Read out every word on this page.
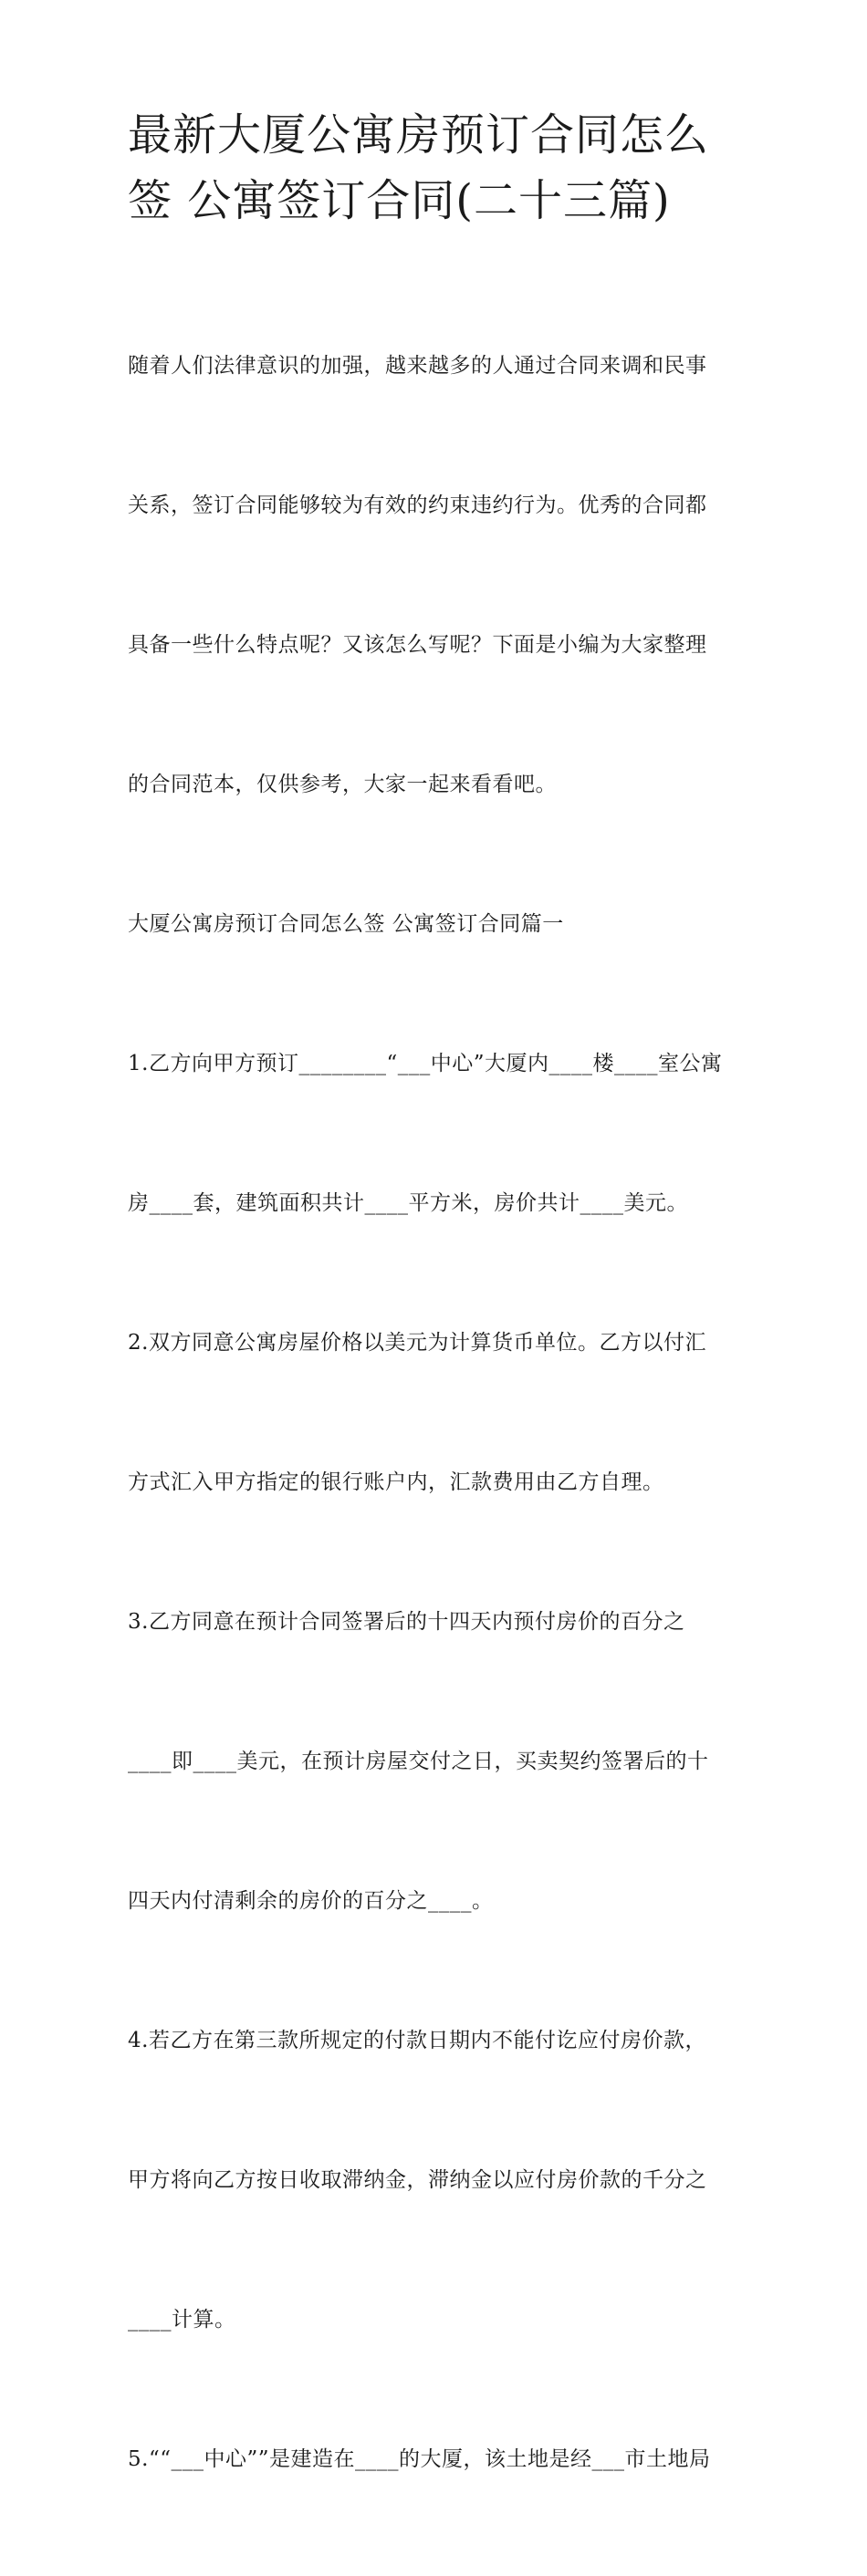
最新大厦公寓房预订合同怎么
签 公寓签订合同(二十三篇)

随着人们法律意识的加强，越来越多的人通过合同来调和民事

关系，签订合同能够较为有效的约束违约行为。优秀的合同都

具备一些什么特点呢？又该怎么写呢？下面是小编为大家整理

的合同范本，仅供参考，大家一起来看看吧。

大厦公寓房预订合同怎么签 公寓签订合同篇一

1.乙方向甲方预订________“___中心”大厦内____楼____室公寓

房____套，建筑面积共计____平方米，房价共计____美元。

2.双方同意公寓房屋价格以美元为计算货币单位。乙方以付汇

方式汇入甲方指定的银行账户内，汇款费用由乙方自理。

3.乙方同意在预计合同签署后的十四天内预付房价的百分之

____即____美元，在预计房屋交付之日，买卖契约签署后的十

四天内付清剩余的房价的百分之____。

4.若乙方在第三款所规定的付款日期内不能付讫应付房价款，

甲方将向乙方按日收取滞纳金，滞纳金以应付房价款的千分之

____计算。

5.““___中心””是建造在____的大厦，该土地是经___市土地局
